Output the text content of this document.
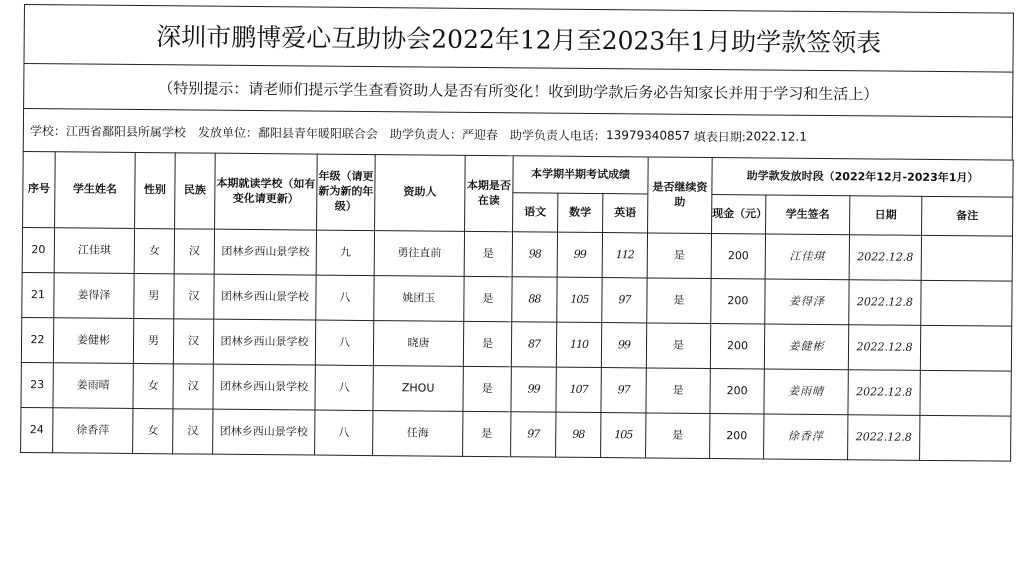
深圳市鹏博爱心互助协会2022年12月至2023年1月助学款签领表
（特别提示：请老师们提示学生查看资助人是否有所变化！收到助学款后务必告知家长并用于学习和生活上）
学校： 江西省鄱阳县所属学校 发放单位： 鄱阳县青年暖阳联合会 助学负责人： 严迎春 助学负责人电话： 13979340857
填表日期: 2022.12.1
序号	学生姓名	性别	民族	本期就读学校（如有变化请更新）	年级（请更新为新的年级）	资助人	本期是否在读	本学期半期考试成绩			是否继续资助	助学款发放时段（2022年12月-2023年1月）			
								语文	数学	英语		现金（元）	学生签名	日期	备注
20	江佳琪	女	汉	团林乡西山景学校	九	勇往直前	是	98	99	112	是	200	江佳琪	2022.12.8	
21	姜得泽	男	汉	团林乡西山景学校	八	姚团玉	是	88	105	97	是	200	姜得泽	2022.12.8	
22	姜健彬	男	汉	团林乡西山景学校	八	晓唐	是	87	110	99	是	200	姜健彬	2022.12.8	
23	姜雨晴	女	汉	团林乡西山景学校	八	ZHOU	是	99	107	97	是	200	姜雨晴	2022.12.8	
24	徐香萍	女	汉	团林乡西山景学校	八	任海	是	97	98	105	是	200	徐香萍	2022.12.8	
